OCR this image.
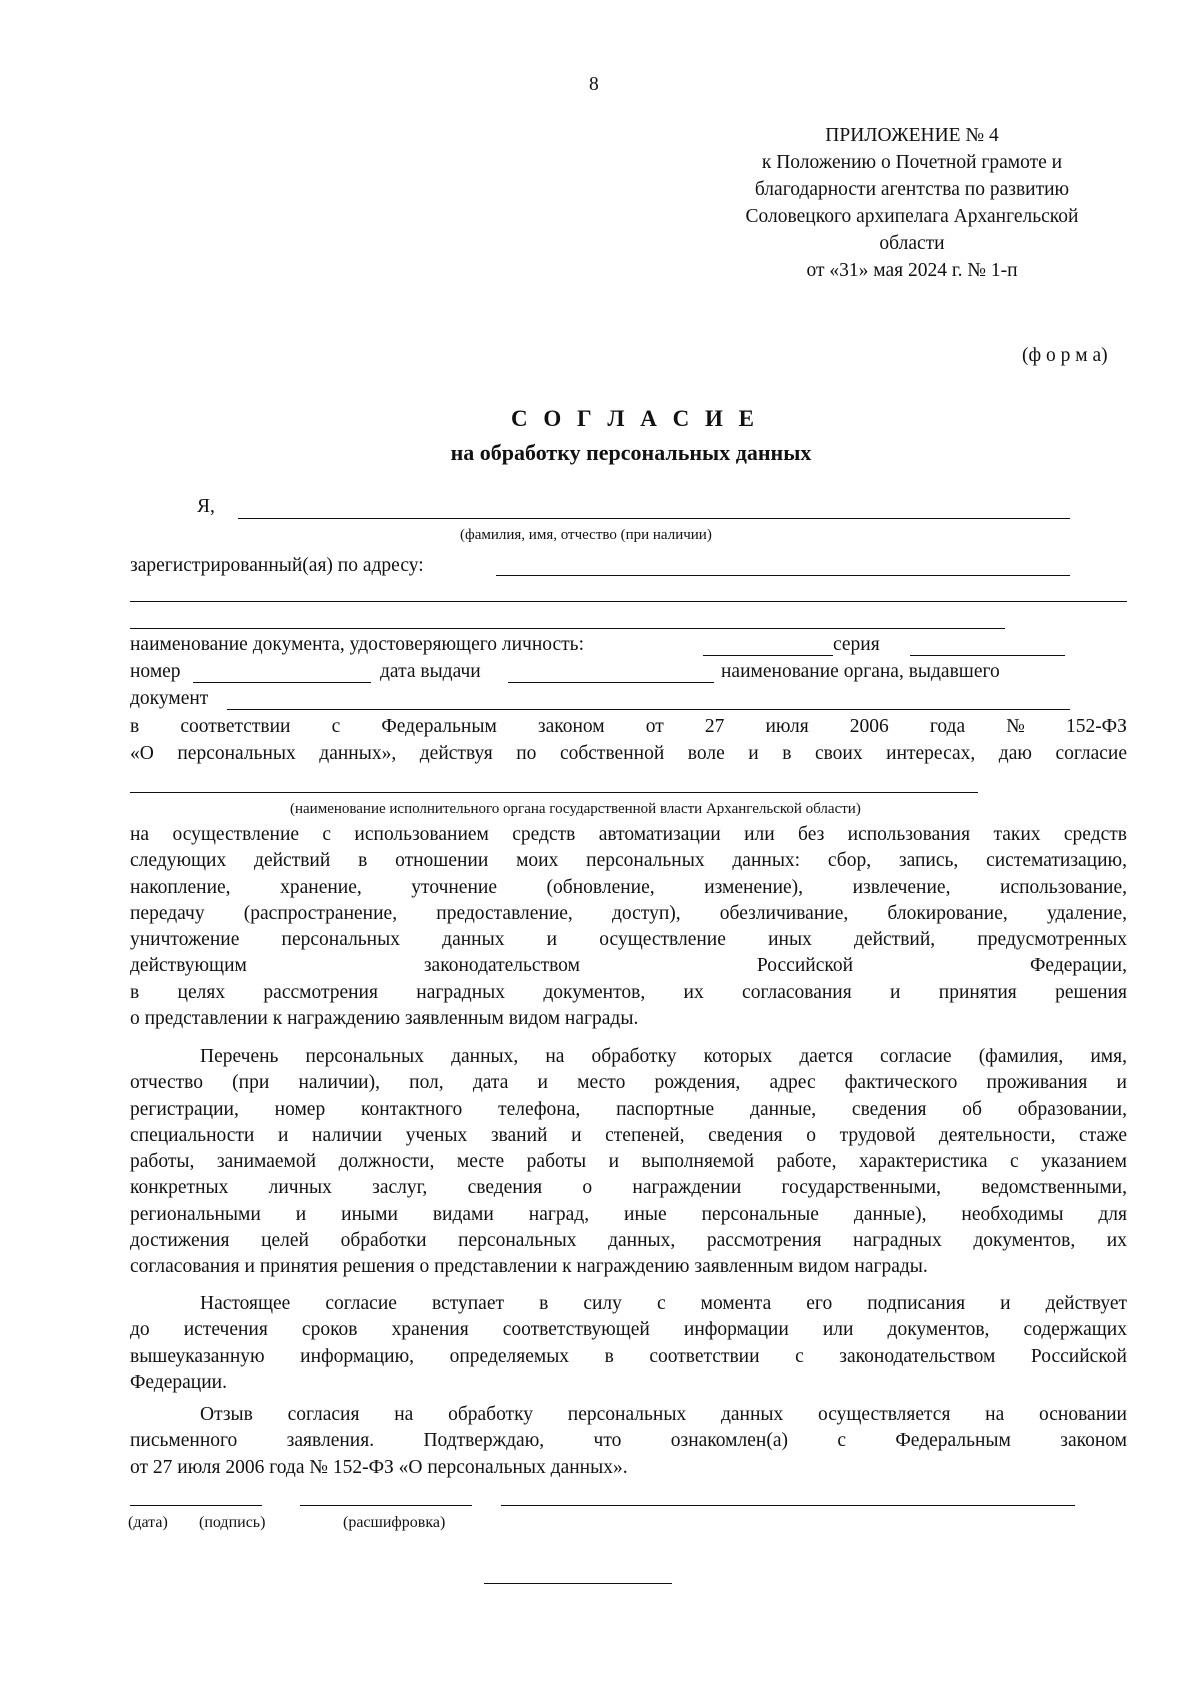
8
ПРИЛОЖЕНИЕ № 4
к Положению о Почетной грамоте и
благодарности агентства по развитию
Соловецкого архипелага Архангельской
области
от «31» мая 2024 г. № 1-п
(ф о р м а)
С О Г Л А С И Е
на обработку персональных данных
Я,
(фамилия, имя, отчество (при наличии)
зарегистрированный(ая) по адресу:
наименование документа, удостоверяющего личность:	серия
номер	дата выдачи	наименование органа, выдавшего
документ
в соответствии с Федеральным законом от 27 июля 2006 года № 152-ФЗ
«О персональных данных», действуя по собственной воле и в своих интересах, даю согласие
(наименование исполнительного органа государственной власти Архангельской области)
на осуществление с использованием средств автоматизации или без использования таких средств
следующих действий в отношении моих персональных данных: сбор, запись, систематизацию,
накопление, хранение, уточнение (обновление, изменение), извлечение, использование,
передачу (распространение, предоставление, доступ), обезличивание, блокирование, удаление,
уничтожение персональных данных и осуществление иных действий, предусмотренных
действующим законодательством Российской Федерации,
в целях рассмотрения наградных документов, их согласования и принятия решения
о представлении к награждению заявленным видом награды.
Перечень персональных данных, на обработку которых дается согласие (фамилия, имя,
отчество (при наличии), пол, дата и место рождения, адрес фактического проживания и
регистрации, номер контактного телефона, паспортные данные, сведения об образовании,
специальности и наличии ученых званий и степеней, сведения о трудовой деятельности, стаже
работы, занимаемой должности, месте работы и выполняемой работе, характеристика с указанием
конкретных личных заслуг, сведения о награждении государственными, ведомственными,
региональными и иными видами наград, иные персональные данные), необходимы для
достижения целей обработки персональных данных, рассмотрения наградных документов, их
согласования и принятия решения о представлении к награждению заявленным видом награды.
Настоящее согласие вступает в силу с момента его подписания и действует
до истечения сроков хранения соответствующей информации или документов, содержащих
вышеуказанную информацию, определяемых в соответствии с законодательством Российской
Федерации.
Отзыв согласия на обработку персональных данных осуществляется на основании
письменного заявления. Подтверждаю, что ознакомлен(а) с Федеральным законом
от 27 июля 2006 года № 152-ФЗ «О персональных данных».
(дата) (подпись)	(расшифровка)
